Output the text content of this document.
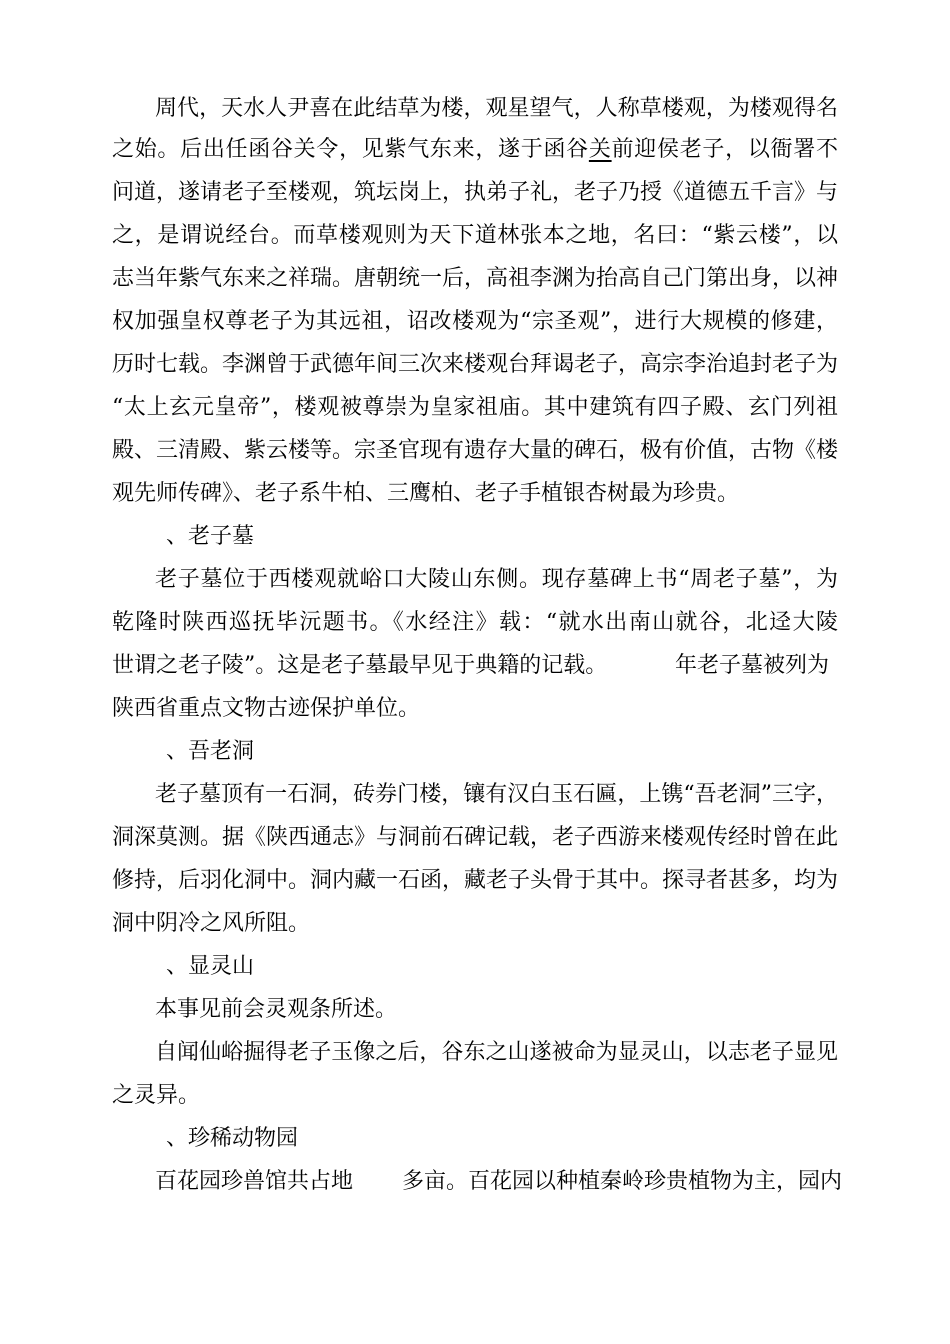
周代，天水人尹喜在此结草为楼，观星望气，人称草楼观，为楼观得名

之始。后出任函谷关令，见紫气东来，遂于函谷关前迎侯老子，以衙署不

问道，遂请老子至楼观，筑坛岗上，执弟子礼，老子乃授《道德五千言》与

之，是谓说经台。而草楼观则为天下道林张本之地，名曰：“紫云楼”，以

志当年紫气东来之祥瑞。唐朝统一后，高祖李渊为抬高自己门第出身，以神

权加强皇权尊老子为其远祖，诏改楼观为“宗圣观”，进行大规模的修建，

历时七载。李渊曾于武德年间三次来楼观台拜谒老子，高宗李治追封老子为

“太上玄元皇帝”，楼观被尊崇为皇家祖庙。其中建筑有四子殿、玄门列祖

殿、三清殿、紫云楼等。宗圣官现有遗存大量的碑石，极有价值，古物《楼

观先师传碑》、老子系牛柏、三鹰柏、老子手植银杏树最为珍贵。

、老子墓

老子墓位于西楼观就峪口大陵山东侧。现存墓碑上书“周老子墓”，为

乾隆时陕西巡抚毕沅题书。《水经注》载：“就水出南山就谷，北迳大陵

世谓之老子陵”。这是老子墓最早见于典籍的记载。	年老子墓被列为

陕西省重点文物古迹保护单位。

、吾老洞

老子墓顶有一石洞，砖券门楼，镶有汉白玉石匾，上镌“吾老洞”三字，

洞深莫测。据《陕西通志》与洞前石碑记载，老子西游来楼观传经时曾在此

修持，后羽化洞中。洞内藏一石函，藏老子头骨于其中。探寻者甚多，均为

洞中阴冷之风所阻。

、显灵山

本事见前会灵观条所述。

自闻仙峪掘得老子玉像之后，谷东之山遂被命为显灵山，以志老子显见

之灵异。

、珍稀动物园

百花园珍兽馆共占地 多亩。百花园以种植秦岭珍贵植物为主，园内
